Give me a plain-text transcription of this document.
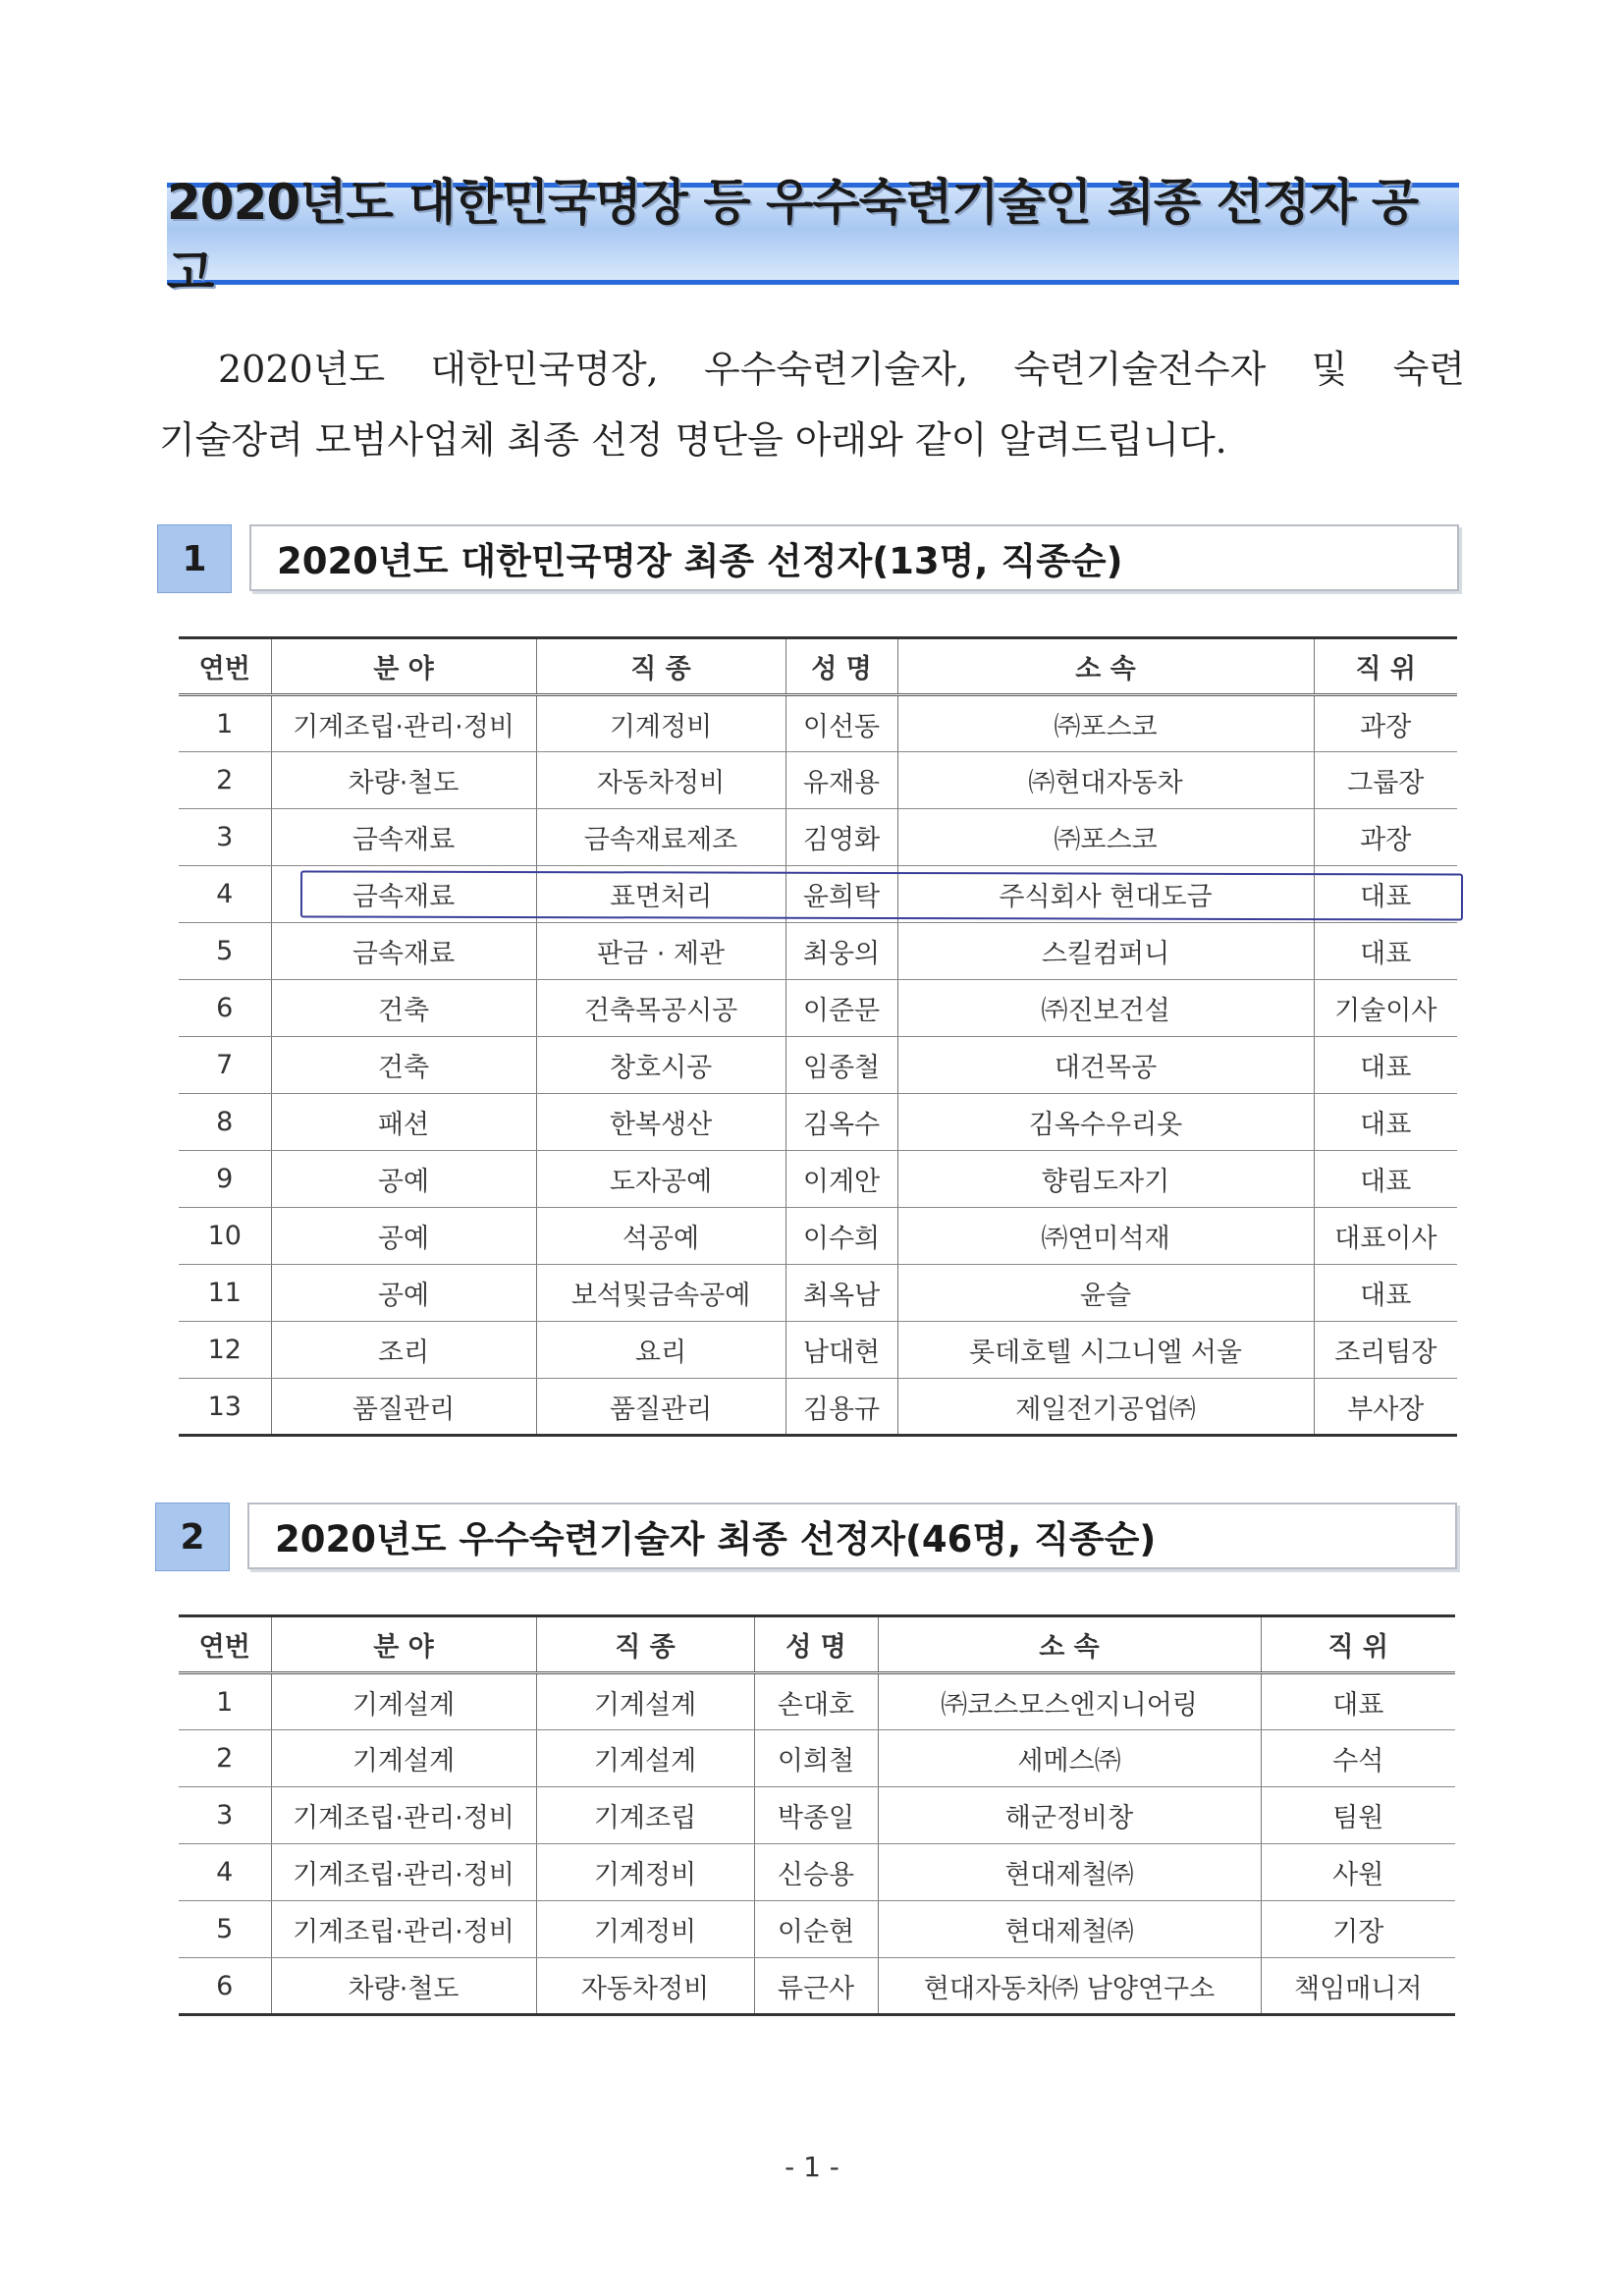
2020년도 대한민국명장 등 우수숙련기술인 최종 선정자 공고
2020년도 대한민국명장, 우수숙련기술자, 숙련기술전수자 및 숙련
기술장려 모범사업체 최종 선정 명단을 아래와 같이 알려드립니다.
1	2020년도 대한민국명장 최종 선정자(13명, 직종순)
연번	분 야	직 종	성 명	소 속	직 위
1	기계조립·관리·정비	기계정비	이선동	㈜포스코	과장
2	차량·철도	자동차정비	유재용	㈜현대자동차	그룹장
3	금속재료	금속재료제조	김영화	㈜포스코	과장
4	금속재료	표면처리	윤희탁	주식회사 현대도금	대표
5	금속재료	판금 · 제관	최웅의	스킬컴퍼니	대표
6	건축	건축목공시공	이준문	㈜진보건설	기술이사
7	건축	창호시공	임종철	대건목공	대표
8	패션	한복생산	김옥수	김옥수우리옷	대표
9	공예	도자공예	이계안	향림도자기	대표
10	공예	석공예	이수희	㈜연미석재	대표이사
11	공예	보석및금속공예	최옥남	윤슬	대표
12	조리	요리	남대현	롯데호텔 시그니엘 서울	조리팀장
13	품질관리	품질관리	김용규	제일전기공업㈜	부사장
2	2020년도 우수숙련기술자 최종 선정자(46명, 직종순)
연번	분 야	직 종	성 명	소 속	직 위
1	기계설계	기계설계	손대호	㈜코스모스엔지니어링	대표
2	기계설계	기계설계	이희철	세메스㈜	수석
3	기계조립·관리·정비	기계조립	박종일	해군정비창	팀원
4	기계조립·관리·정비	기계정비	신승용	현대제철㈜	사원
5	기계조립·관리·정비	기계정비	이순현	현대제철㈜	기장
6	차량·철도	자동차정비	류근사	현대자동차㈜ 남양연구소	책임매니저
- 1 -
